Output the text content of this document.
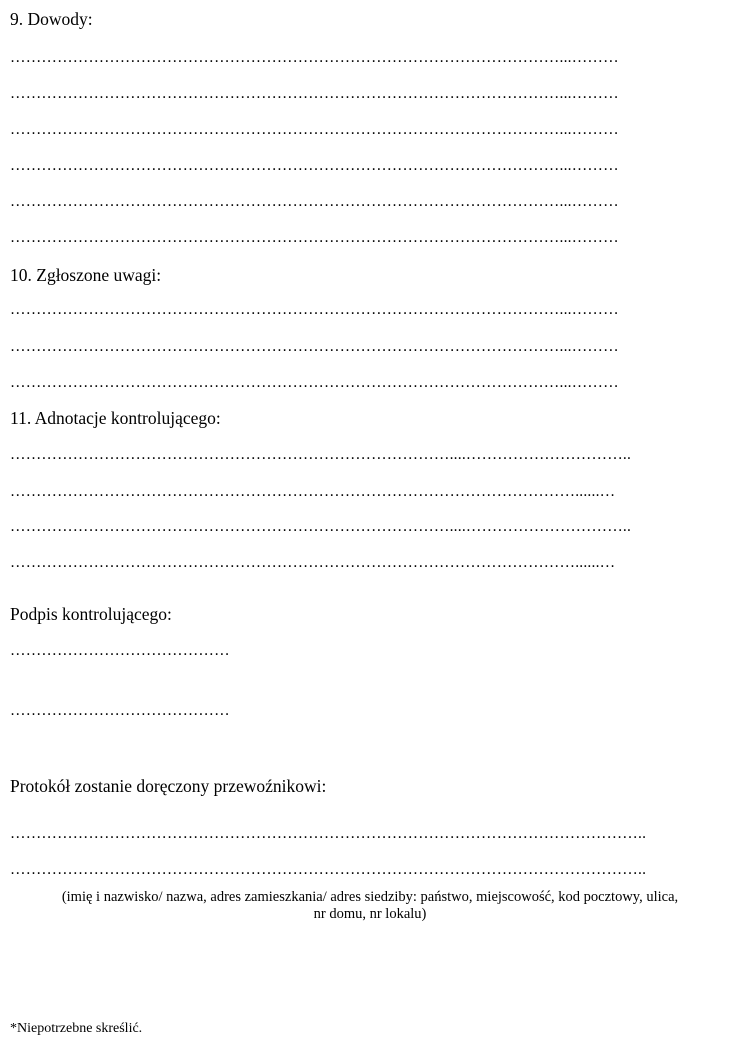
9. Dowody:
……………………………………………………………………………………………...………
……………………………………………………………………………………………...………
……………………………………………………………………………………………...………
……………………………………………………………………………………………...………
……………………………………………………………………………………………...………
……………………………………………………………………………………………...………
10. Zgłoszone uwagi:
……………………………………………………………………………………………...………
……………………………………………………………………………………………...………
……………………………………………………………………………………………...………
11. Adnotacje kontrolującego:
…………………………………………………………………………....…………………………..
………………………………………………………………………………………………......…
…………………………………………………………………………....…………………………..
………………………………………………………………………………………………......…
Podpis kontrolującego:
……………………………………
……………………………………
Protokół zostanie doręczony przewoźnikowi:
…………………………………………………………………………………………………………..
…………………………………………………………………………………………………………..
(imię i nazwisko/ nazwa, adres zamieszkania/ adres siedziby: państwo, miejscowość, kod pocztowy, ulica,
nr domu, nr lokalu)
*Niepotrzebne skreślić.
